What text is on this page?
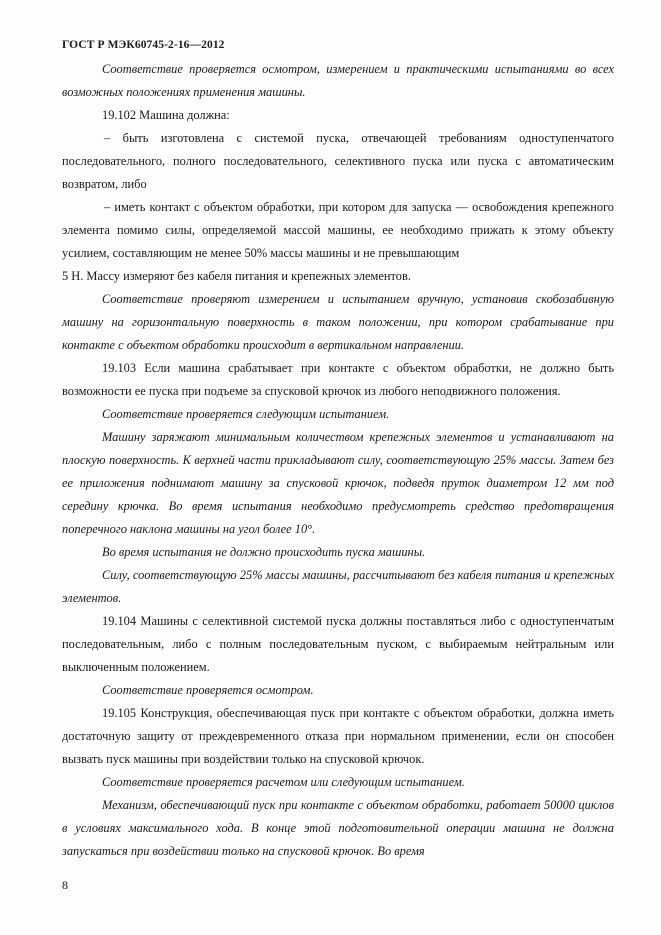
ГОСТ Р МЭК60745-2-16—2012

Соответствие проверяется осмотром, измерением и практическими испытаниями во всех возможных положениях применения машины.

19.102 Машина должна:

– быть изготовлена с системой пуска, отвечающей требованиям одноступенчатого последовательного, полного последовательного, селективного пуска или пуска с автоматическим возвратом, либо

– иметь контакт с объектом обработки, при котором для запуска — освобождения крепежного элемента помимо силы, определяемой массой машины, ее необходимо прижать к этому объекту усилием, составляющим не менее 50% массы машины и не превышающим

5 Н. Массу измеряют без кабеля питания и крепежных элементов.

Соответствие проверяют измерением и испытанием вручную, установив скобозабивную машину на горизонтальную поверхность в таком положении, при котором срабатывание при контакте с объектом обработки происходит в вертикальном направлении.

19.103 Если машина срабатывает при контакте с объектом обработки, не должно быть возможности ее пуска при подъеме за спусковой крючок из любого неподвижного положения.

Соответствие проверяется следующим испытанием.

Машину заряжают минимальным количеством крепежных элементов и устанавливают на плоскую поверхность. К верхней части прикладывают силу, соответствующую 25% массы. Затем без ее приложения поднимают машину за спусковой крючок, подведя пруток диаметром 12 мм под середину крючка. Во время испытания необходимо предусмотреть средство предотвращения поперечного наклона машины на угол более 10°.

Во время испытания не должно происходить пуска машины.

Силу, соответствующую 25% массы машины, рассчитывают без кабеля питания и крепежных элементов.

19.104 Машины с селективной системой пуска должны поставляться либо с одноступенчатым последовательным, либо с полным последовательным пуском, с выбираемым нейтральным или выключенным положением.

Соответствие проверяется осмотром.

19.105 Конструкция, обеспечивающая пуск при контакте с объектом обработки, должна иметь достаточную защиту от преждевременного отказа при нормальном применении, если он способен вызвать пуск машины при воздействии только на спусковой крючок.

Соответствие проверяется расчетом или следующим испытанием.

Механизм, обеспечивающий пуск при контакте с объектом обработки, работает 50000 циклов в условиях максимального хода. В конце этой подготовительной операции машина не должна запускаться при воздействии только на спусковой крючок. Во время

8
